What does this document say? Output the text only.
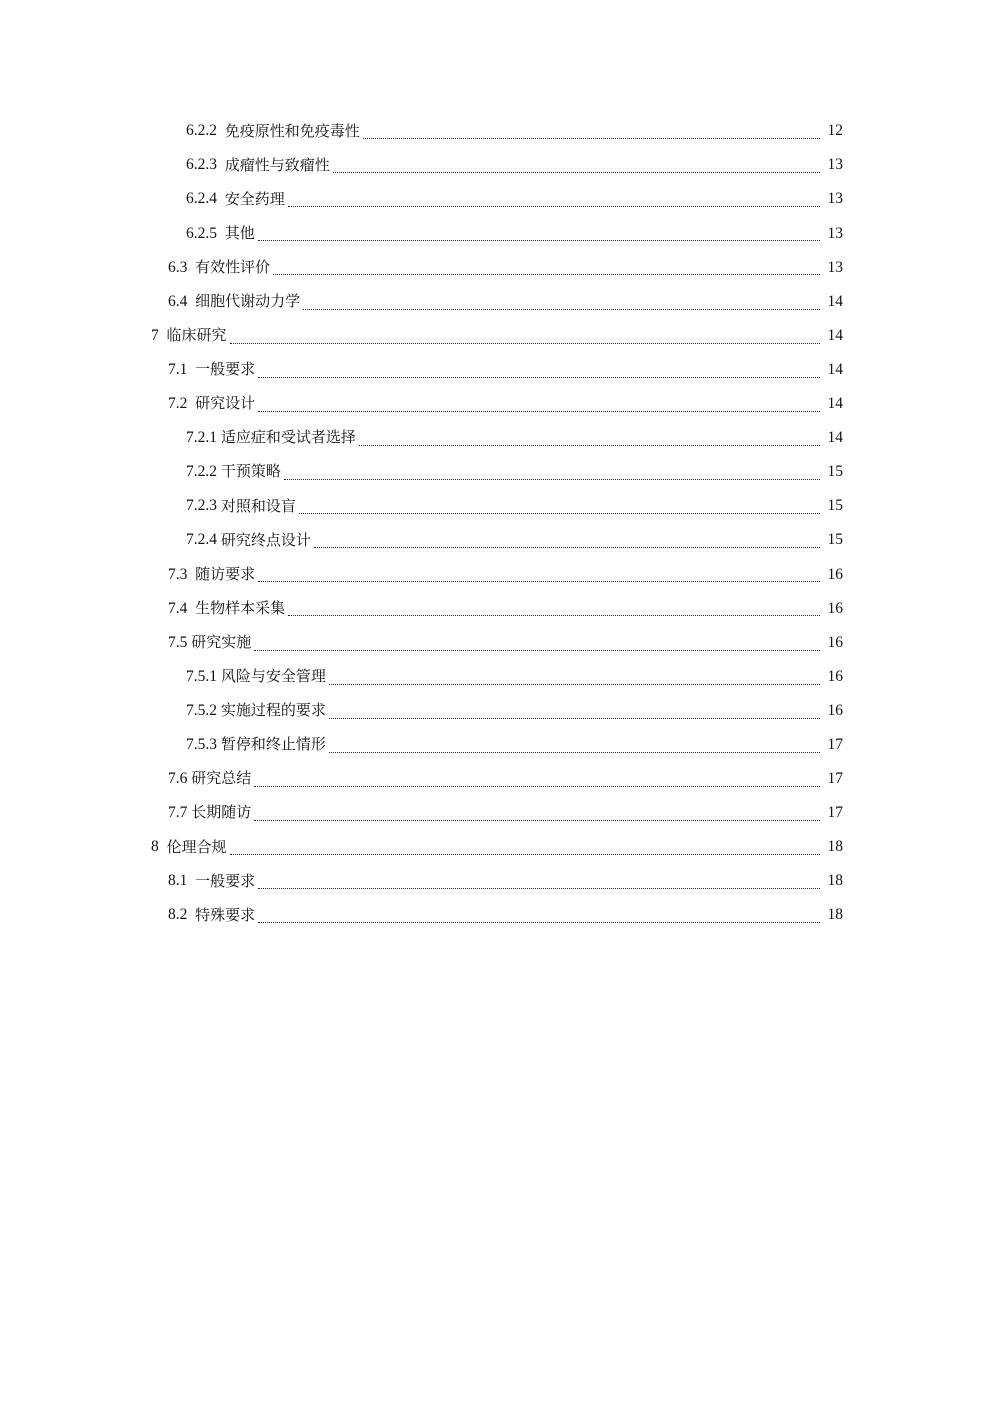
6.2.2 免疫原性和免疫毒性	12
6.2.3 成瘤性与致瘤性	13
6.2.4 安全药理	13
6.2.5 其他	13
6.3 有效性评价	13
6.4 细胞代谢动力学	14
7 临床研究	14
7.1 一般要求	14
7.2 研究设计	14
7.2.1 适应症和受试者选择	14
7.2.2 干预策略	15
7.2.3 对照和设盲	15
7.2.4 研究终点设计	15
7.3 随访要求	16
7.4 生物样本采集	16
7.5 研究实施	16
7.5.1 风险与安全管理	16
7.5.2 实施过程的要求	16
7.5.3 暂停和终止情形	17
7.6 研究总结	17
7.7 长期随访	17
8 伦理合规	18
8.1 一般要求	18
8.2 特殊要求	18
